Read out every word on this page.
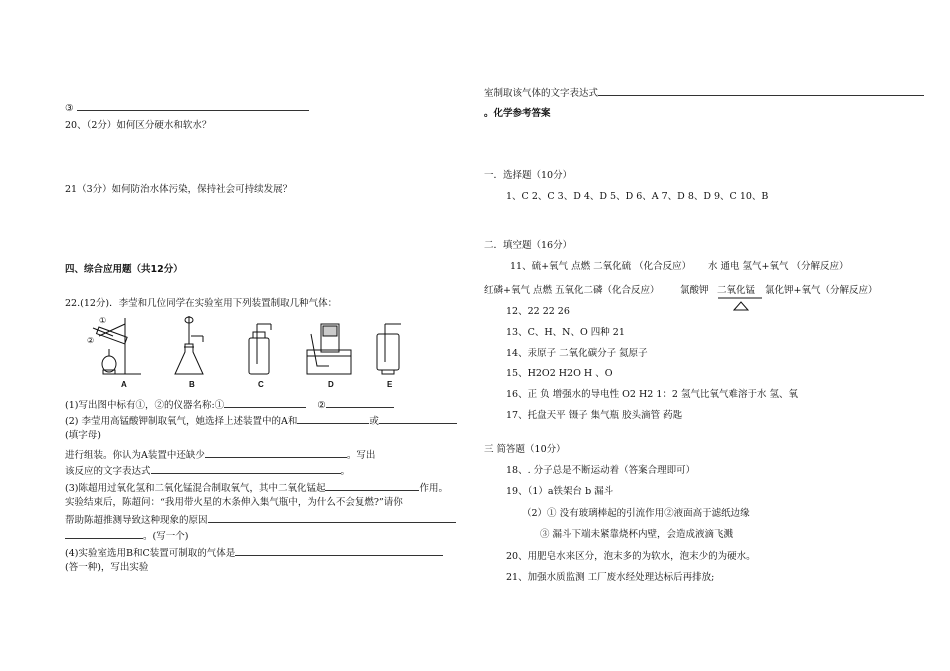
③
20、（2分）如何区分硬水和软水？
21（3分）如何防治水体污染，保持社会可持续发展？
四、综合应用题（共12分）
22.(12分)．李莹和几位同学在实验室用下列装置制取几种气体：
①
②
A	B	C	D	E
(1)写出图中标有①，②的仪器名称:①	②
(2) 李莹用高锰酸钾制取氧气，她选择上述装置中的A和	或
(填字母)
进行组装。你认为A装置中还缺少	。写出
该反应的文字表达式	。
(3)陈超用过氧化氢和二氧化锰混合制取氧气，其中二氧化锰起	作用。
实验结束后，陈超问：“我用带火星的木条伸入集气瓶中，为什么不会复燃?”请你
帮助陈超推测导致这种现象的原因
。(写一个)
(4)实验室选用B和C装置可制取的气体是
(答一种)，写出实验
室制取该气体的文字表达式
。化学参考答案
一．选择题（10分）
1、C 2、C 3、D 4、D 5、D 6、A 7、D 8、D 9、C 10、B
二．填空题（16分）
11、硫+氧气 点燃 二氧化硫 （化合反应） 水 通电 氢气+氧气 （分解反应）
红磷+氧气 点燃 五氧化二磷（化合反应） 氯酸钾 二氧化锰 氯化钾+氧气（分解反应）
12、22 22 26
13、C、H、N、O 四种 21
14、汞原子 二氧化碳分子 氦原子
15、H2O2 H2O H 、O
16、正 负 增强水的导电性 O2 H2 1：2 氢气比氧气难溶于水 氢、氧
17、托盘天平 镊子 集气瓶 胶头滴管 药匙
三 简答题（10分）
18、. 分子总是不断运动着（答案合理即可）
19、（1）a铁架台 b 漏斗
（2）① 没有玻璃棒起的引流作用②液面高于滤纸边缘
③ 漏斗下端未紧靠烧杯内壁，会造成液滴飞溅
20、用肥皂水来区分，泡末多的为软水，泡末少的为硬水。
21、加强水质监测 工厂废水经处理达标后再排放;
